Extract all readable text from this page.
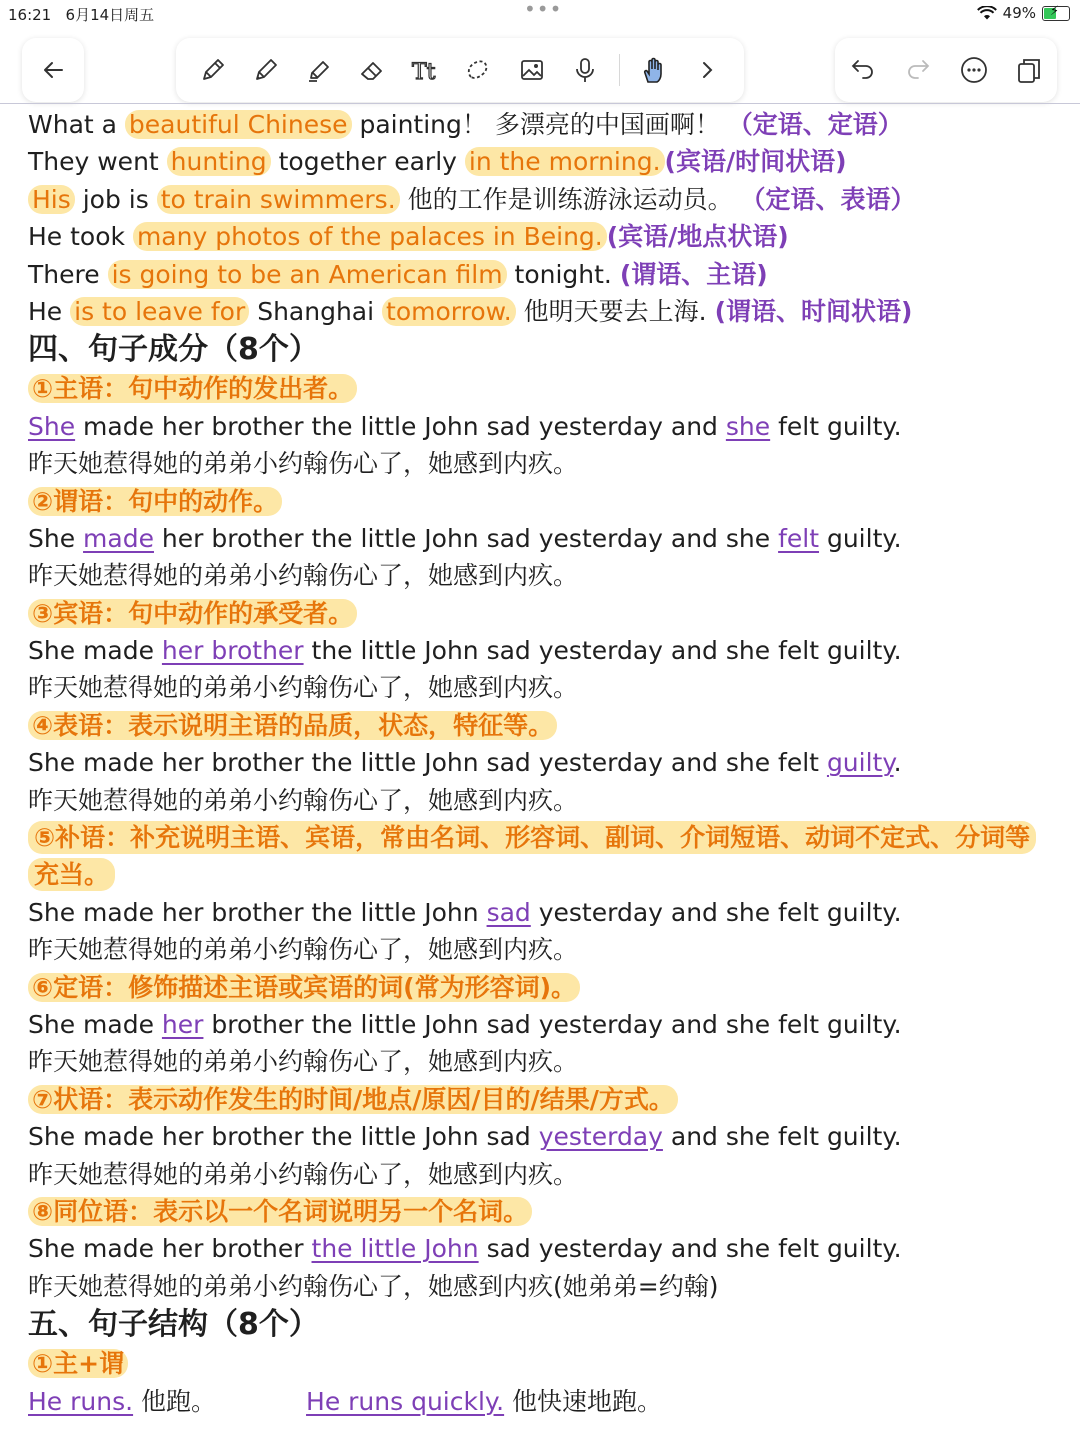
16:21 6月14日周五	•••	49% ⚡
Tt
What a beautiful Chinese painting！ 多漂亮的中国画啊！ （定语、定语）
They went hunting together early in the morning. (宾语/时间状语)
His job is to train swimmers. 他的工作是训练游泳运动员。 （定语、表语）
He took many photos of the palaces in Being. (宾语/地点状语)
There is going to be an American film tonight. (谓语、主语)
He is to leave for Shanghai tomorrow. 他明天要去上海. (谓语、时间状语)
四、句子成分（8个）
①主语：句中动作的发出者。
She made her brother the little John sad yesterday and she felt guilty.
昨天她惹得她的弟弟小约翰伤心了，她感到内疚。
②谓语：句中的动作。
She made her brother the little John sad yesterday and she felt guilty.
昨天她惹得她的弟弟小约翰伤心了，她感到内疚。
③宾语：句中动作的承受者。
She made her brother the little John sad yesterday and she felt guilty.
昨天她惹得她的弟弟小约翰伤心了，她感到内疚。
④表语：表示说明主语的品质，状态，特征等。
She made her brother the little John sad yesterday and she felt guilty.
昨天她惹得她的弟弟小约翰伤心了，她感到内疚。
⑤补语：补充说明主语、宾语，常由名词、形容词、副词、介词短语、动词不定式、分词等充当。
She made her brother the little John sad yesterday and she felt guilty.
昨天她惹得她的弟弟小约翰伤心了，她感到内疚。
⑥定语：修饰描述主语或宾语的词(常为形容词)。
She made her brother the little John sad yesterday and she felt guilty.
昨天她惹得她的弟弟小约翰伤心了，她感到内疚。
⑦状语：表示动作发生的时间/地点/原因/目的/结果/方式。
She made her brother the little John sad yesterday and she felt guilty.
昨天她惹得她的弟弟小约翰伤心了，她感到内疚。
⑧同位语：表示以一个名词说明另一个名词。
She made her brother the little John sad yesterday and she felt guilty.
昨天她惹得她的弟弟小约翰伤心了，她感到内疚(她弟弟=约翰)
五、句子结构（8个）
①主+谓
He runs. 他跑。	He runs quickly. 他快速地跑。
